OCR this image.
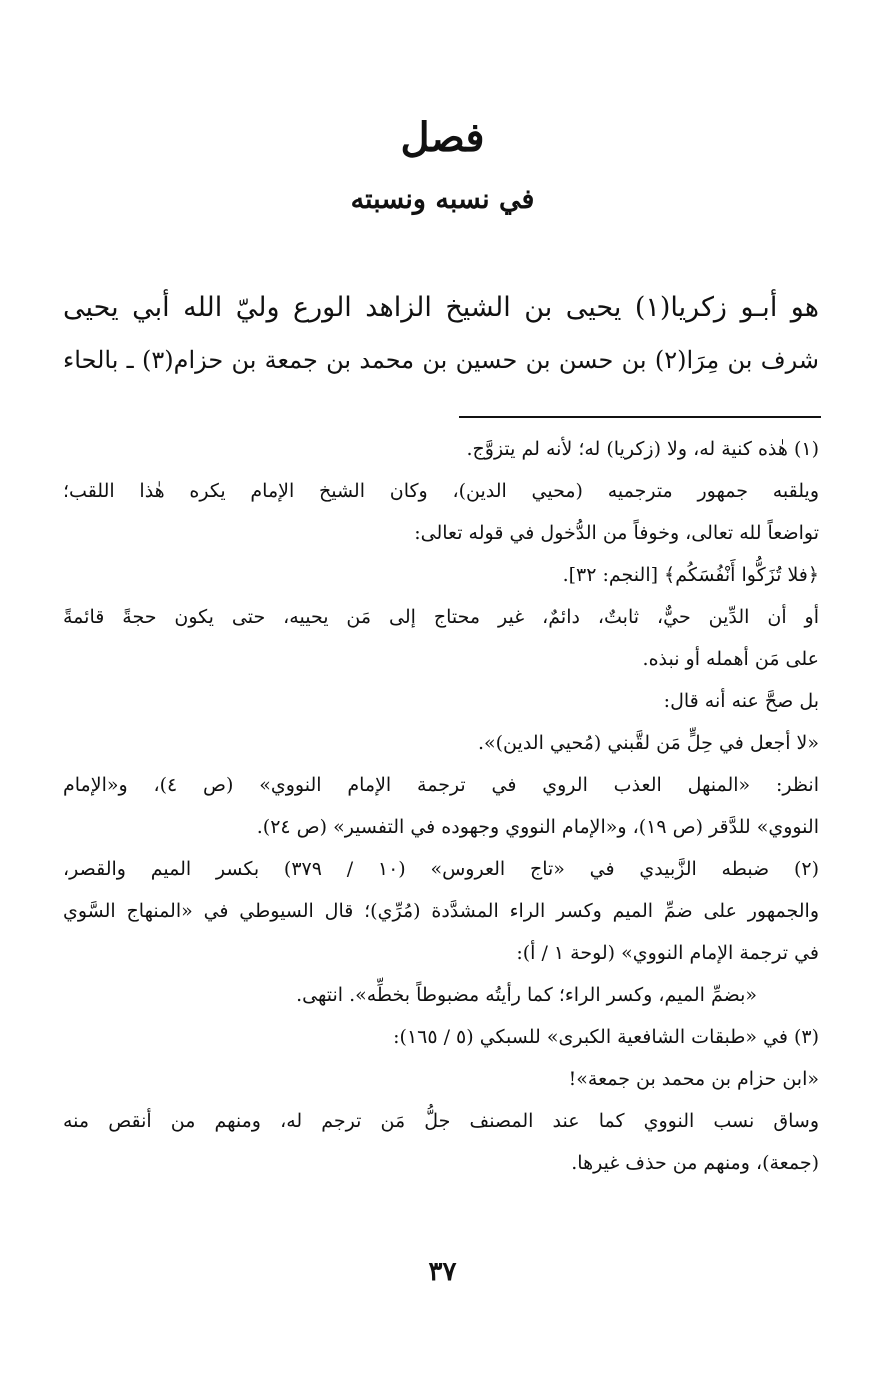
فصل
في نسبه ونسبته
هو أبـو زكريا(١) يحيى بن الشيخ الزاهد الورع وليّ الله أبي يحيى
شرف بن مِرَا(٢) بن حسن بن حسين بن محمد بن جمعة بن حزام(٣) ـ بالحاء
(١) هٰذه كنية له، ولا (زكريا) له؛ لأنه لم يتزوَّج.
ويلقبه جمهور مترجميه (محيي الدين)، وكان الشيخ الإمام يكره هٰذا اللقب؛
تواضعاً لله تعالى، وخوفاً من الدُّخول في قوله تعالى:
﴿فلا تُزَكُّوا أَنْفُسَكُم﴾ [النجم: ٣٢].
أو أن الدِّين حيٌّ، ثابتٌ، دائمٌ، غير محتاج إلى مَن يحييه، حتى يكون حجةً قائمةً
على مَن أهمله أو نبذه.
بل صحَّ عنه أنه قال:
«لا أجعل في حِلٍّ مَن لقَّبني (مُحيي الدين)».
انظر: «المنهل العذب الروي في ترجمة الإمام النووي» (ص ٤)، و«الإمام
النووي» للدَّقر (ص ١٩)، و«الإمام النووي وجهوده في التفسير» (ص ٢٤).
(٢) ضبطه الزَّبيدي في «تاج العروس» (١٠ / ٣٧٩) بكسر الميم والقصر،
والجمهور على ضمِّ الميم وكسر الراء المشدَّدة (مُرِّي)؛ قال السيوطي في «المنهاج السَّوي
في ترجمة الإمام النووي» (لوحة ١ / أ):
«بضمِّ الميم، وكسر الراء؛ كما رأيتُه مضبوطاً بخطِّه». انتهى.
(٣) في «طبقات الشافعية الكبرى» للسبكي (٥ / ١٦٥):
«ابن حزام بن محمد بن جمعة»!
وساق نسب النووي كما عند المصنف جلُّ مَن ترجم له، ومنهم من أنقص منه
(جمعة)، ومنهم من حذف غيرها.
٣٧
